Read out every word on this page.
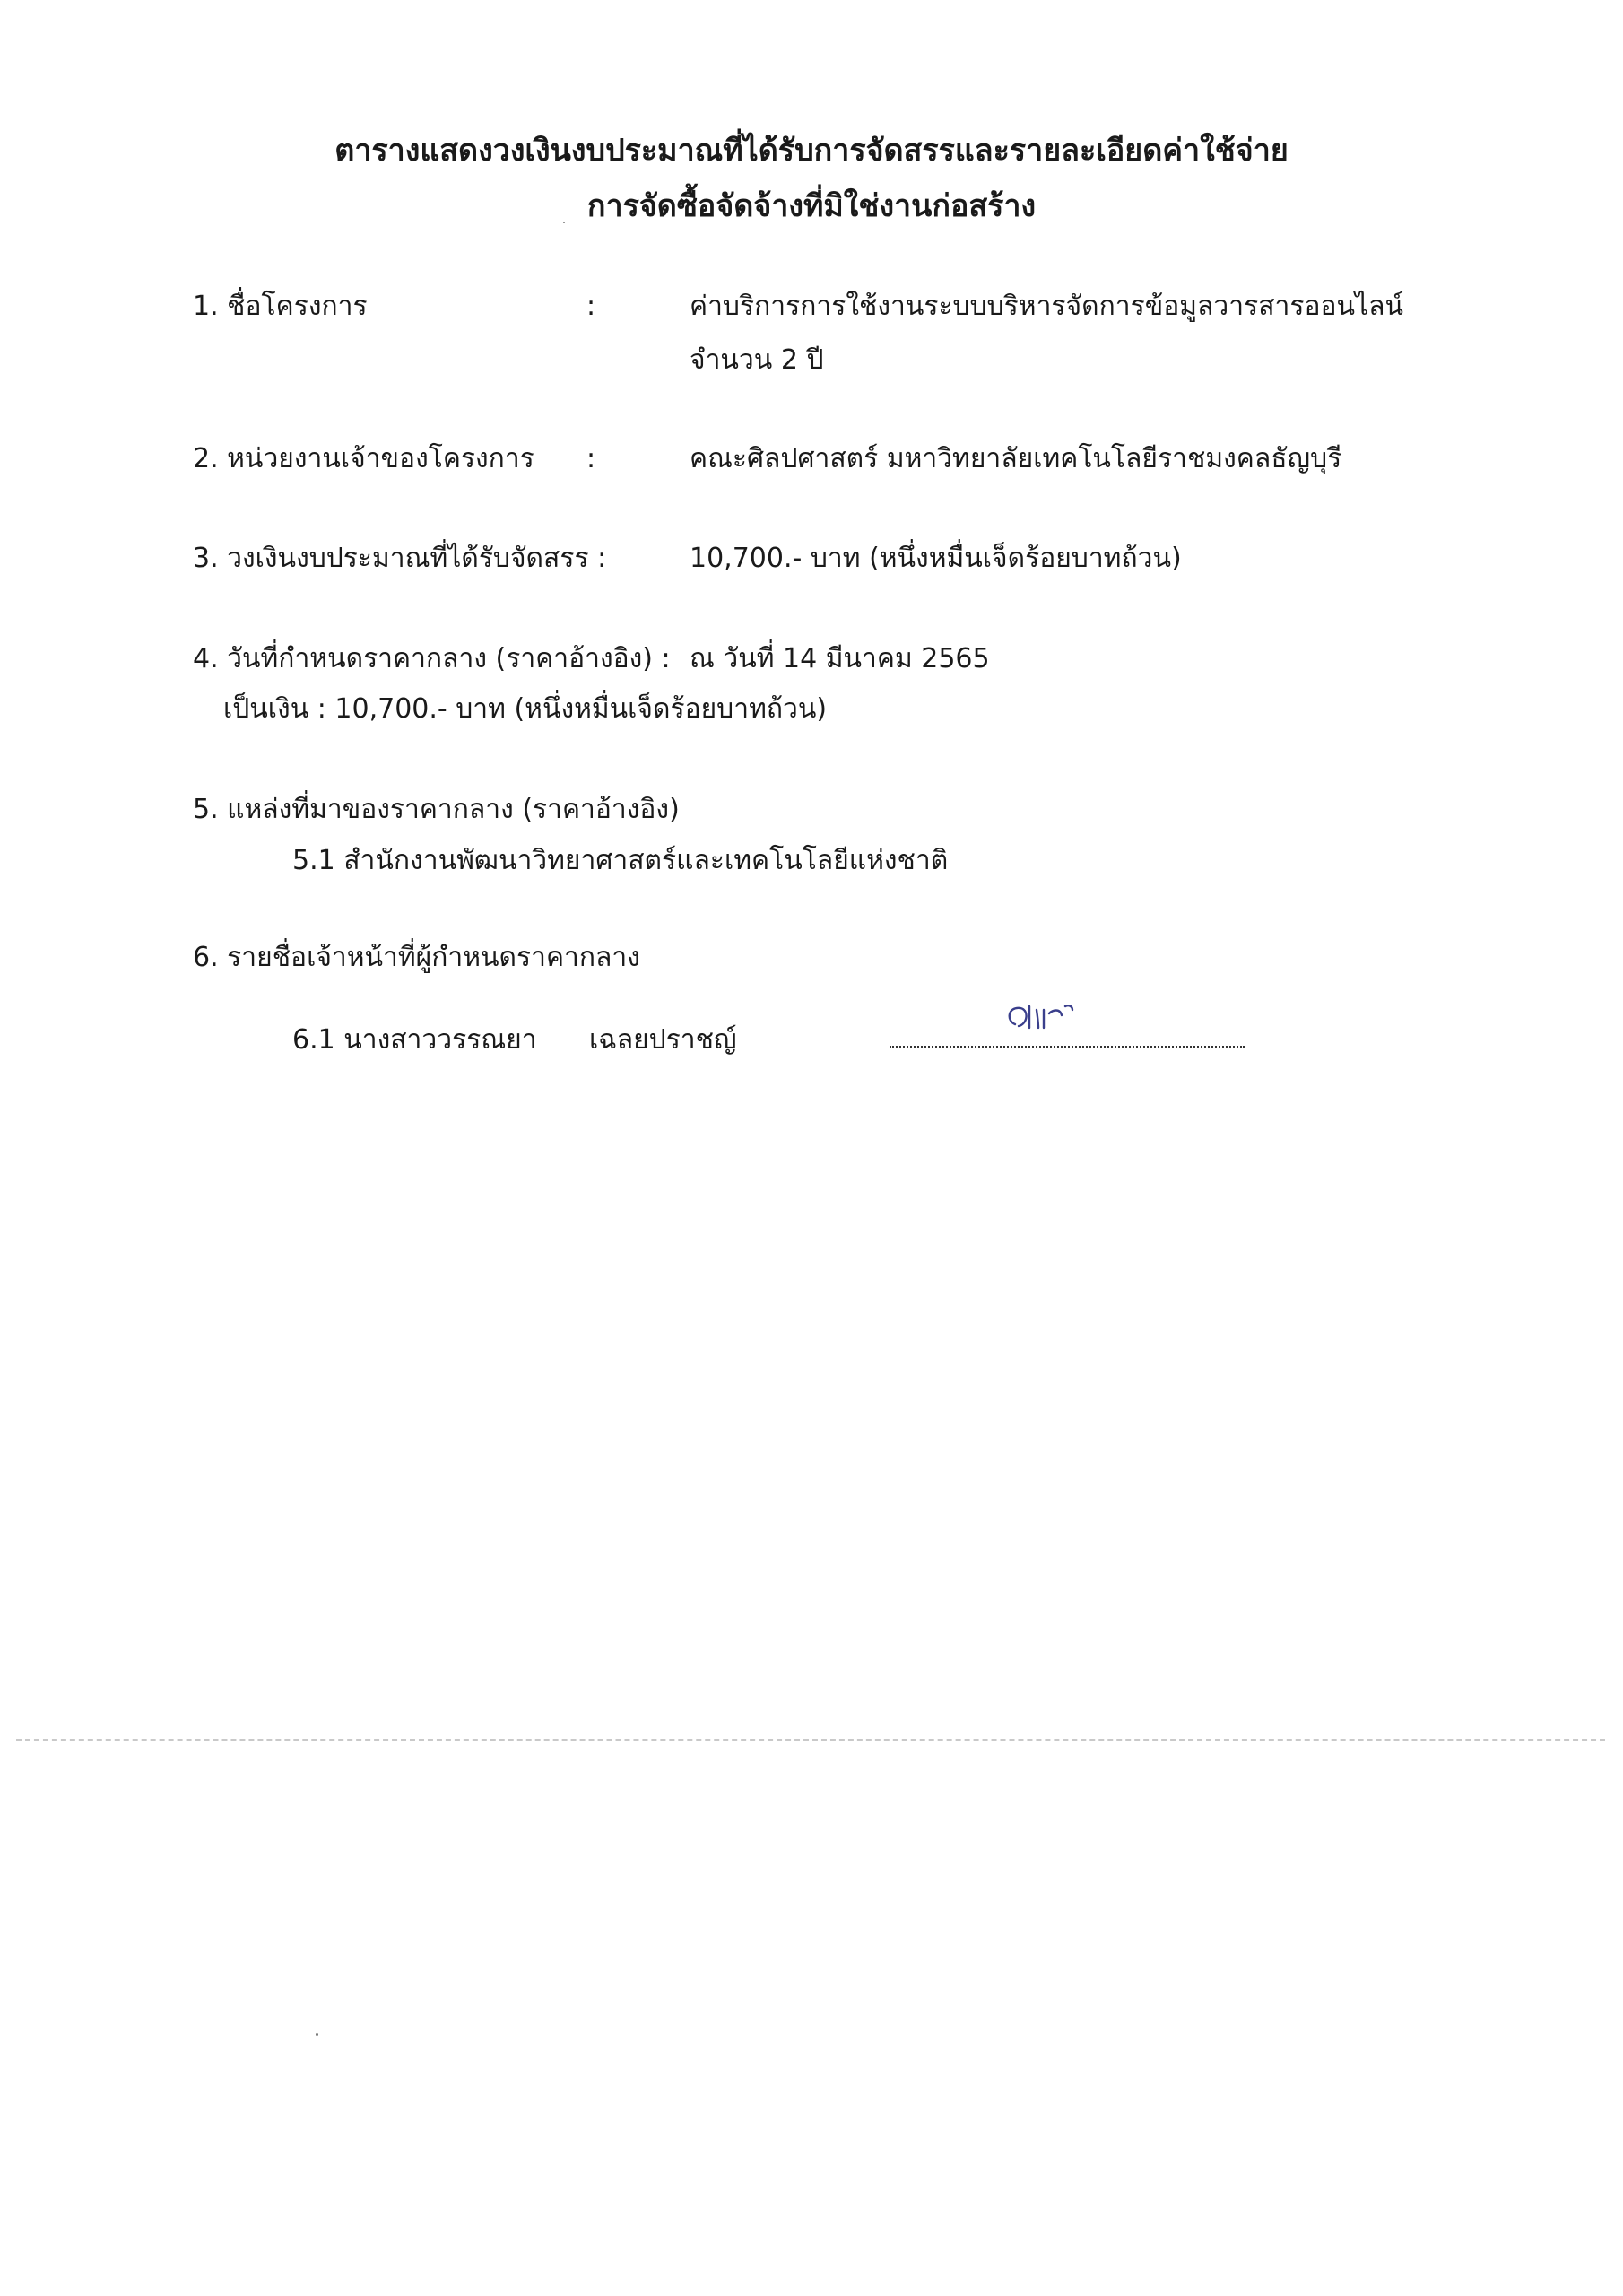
ตารางแสดงวงเงินงบประมาณที่ได้รับการจัดสรรและรายละเอียดค่าใช้จ่าย
การจัดซื้อจัดจ้างที่มิใช่งานก่อสร้าง
1. ชื่อโครงการ	:	ค่าบริการการใช้งานระบบบริหารจัดการข้อมูลวารสารออนไลน์
จำนวน 2 ปี
2. หน่วยงานเจ้าของโครงการ :	คณะศิลปศาสตร์ มหาวิทยาลัยเทคโนโลยีราชมงคลธัญบุรี
3. วงเงินงบประมาณที่ได้รับจัดสรร :	10,700.- บาท (หนึ่งหมื่นเจ็ดร้อยบาทถ้วน)
4. วันที่กำหนดราคากลาง (ราคาอ้างอิง) : ณ วันที่ 14 มีนาคม 2565
เป็นเงิน : 10,700.- บาท (หนึ่งหมื่นเจ็ดร้อยบาทถ้วน)
5. แหล่งที่มาของราคากลาง (ราคาอ้างอิง)
5.1 สำนักงานพัฒนาวิทยาศาสตร์และเทคโนโลยีแห่งชาติ
6. รายชื่อเจ้าหน้าที่ผู้กำหนดราคากลาง
6.1 นางสาววรรณยา เฉลยปราชญ์
